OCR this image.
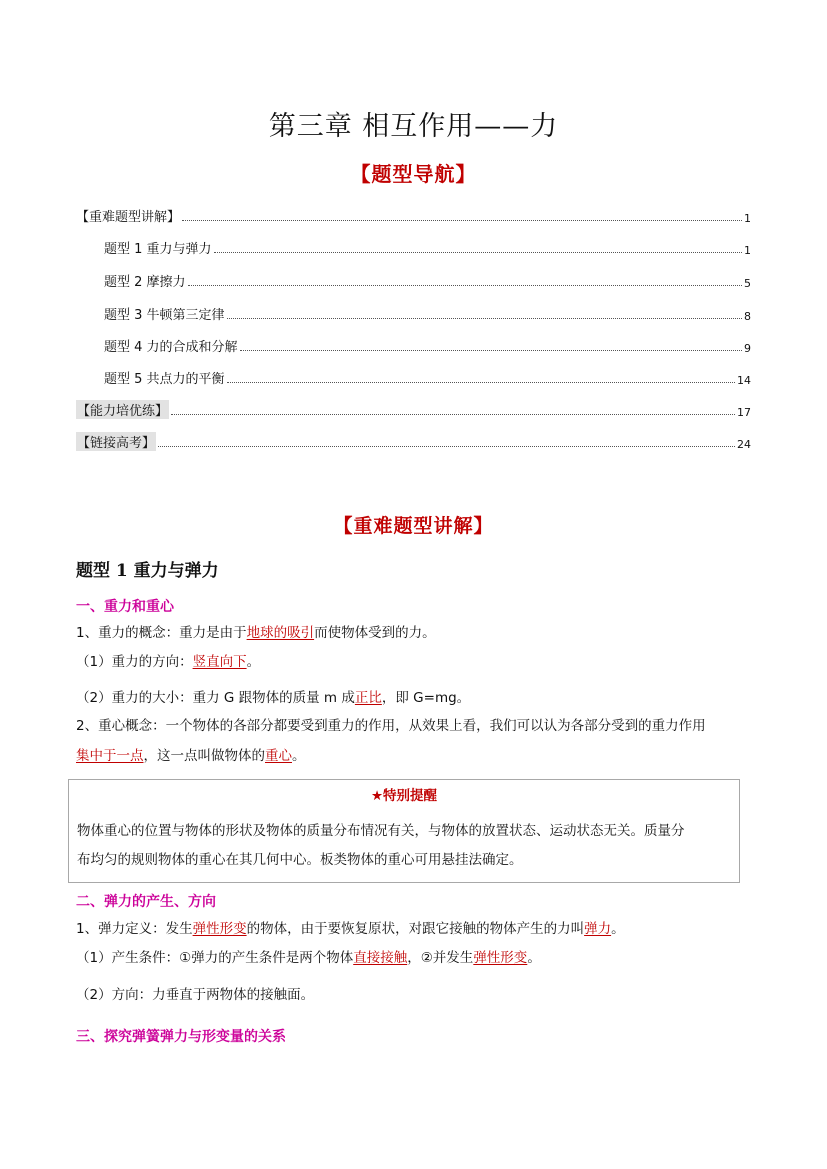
第三章 相互作用——力
【题型导航】
【重难题型讲解】	1
题型 1 重力与弹力	1
题型 2 摩擦力	5
题型 3 牛顿第三定律	8
题型 4 力的合成和分解	9
题型 5 共点力的平衡	14
【能力培优练】	17
【链接高考】	24
【重难题型讲解】
题型 1 重力与弹力
一、重力和重心
1、重力的概念：重力是由于地球的吸引而使物体受到的力。
（1）重力的方向：竖直向下。
（2）重力的大小：重力 G 跟物体的质量 m 成正比，即 G=mg。
2、重心概念：一个物体的各部分都要受到重力的作用，从效果上看，我们可以认为各部分受到的重力作用
集中于一点，这一点叫做物体的重心。
★特别提醒
物体重心的位置与物体的形状及物体的质量分布情况有关，与物体的放置状态、运动状态无关。质量分
布均匀的规则物体的重心在其几何中心。板类物体的重心可用悬挂法确定。
二、弹力的产生、方向
1、弹力定义：发生弹性形变的物体，由于要恢复原状，对跟它接触的物体产生的力叫弹力。
（1）产生条件：①弹力的产生条件是两个物体直接接触，②并发生弹性形变。
（2）方向：力垂直于两物体的接触面。
三、探究弹簧弹力与形变量的关系
